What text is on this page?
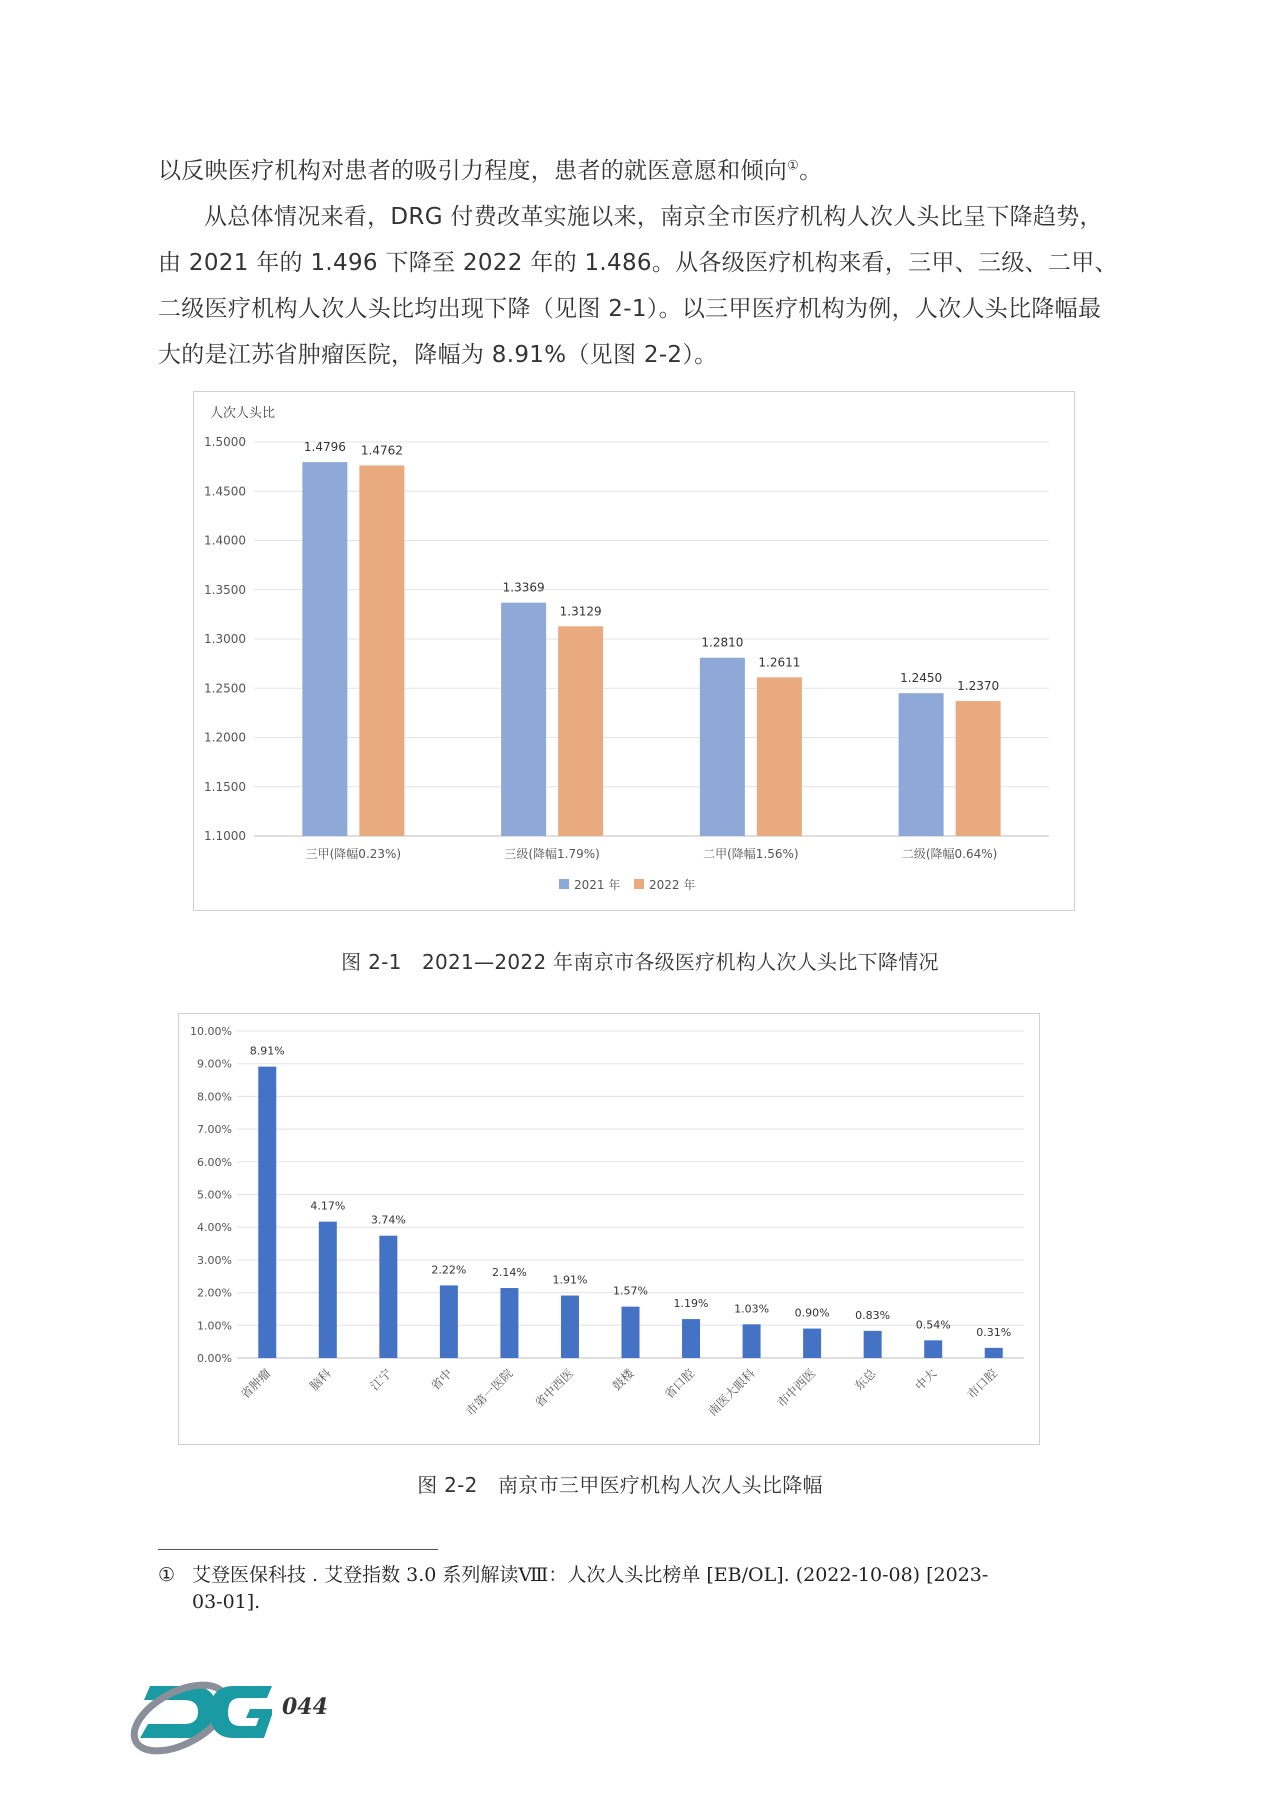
以反映医疗机构对患者的吸引力程度，患者的就医意愿和倾向①。

从总体情况来看，DRG 付费改革实施以来，南京全市医疗机构人次人头比呈下降趋势，由 2021 年的 1.496 下降至 2022 年的 1.486。从各级医疗机构来看，三甲、三级、二甲、二级医疗机构人次人头比均出现下降（见图 2-1）。以三甲医疗机构为例，人次人头比降幅最大的是江苏省肿瘤医院，降幅为 8.91%（见图 2-2）。

人次人头比
1.1000
1.1500
1.2000
1.2500
1.3000
1.3500
1.4000
1.4500
1.5000	1.4796 1.4762
三甲(降幅0.23%)
1.3369
1.3129
三级(降幅1.79%)
1.2810
1.2611
二甲(降幅1.56%)
1.2450
1.2370
二级(降幅0.64%)
2021 年 2022 年
图 2-1　2021—2022 年南京市各级医疗机构人次人头比下降情况
0.00%
1.00%
2.00%
3.00%
4.00%
5.00%
6.00%
7.00%
8.00%
9.00%
10.00%
8.91%
省肿瘤
4.17%
脑科
3.74%
江宁
2.22%
省中
2.14%
市第一医院
1.91%
省中西医
1.57%
鼓楼
1.19%
省口腔
1.03%
南医大眼科
0.90%
市中西医
0.83%
东总
0.54%
中大
0.31%
市口腔
图 2-2　南京市三甲医疗机构人次人头比降幅
① 艾登医保科技 . 艾登指数 3.0 系列解读Ⅷ：人次人头比榜单 [EB/OL]. (2022-10-08) [2023-
03-01].
044
